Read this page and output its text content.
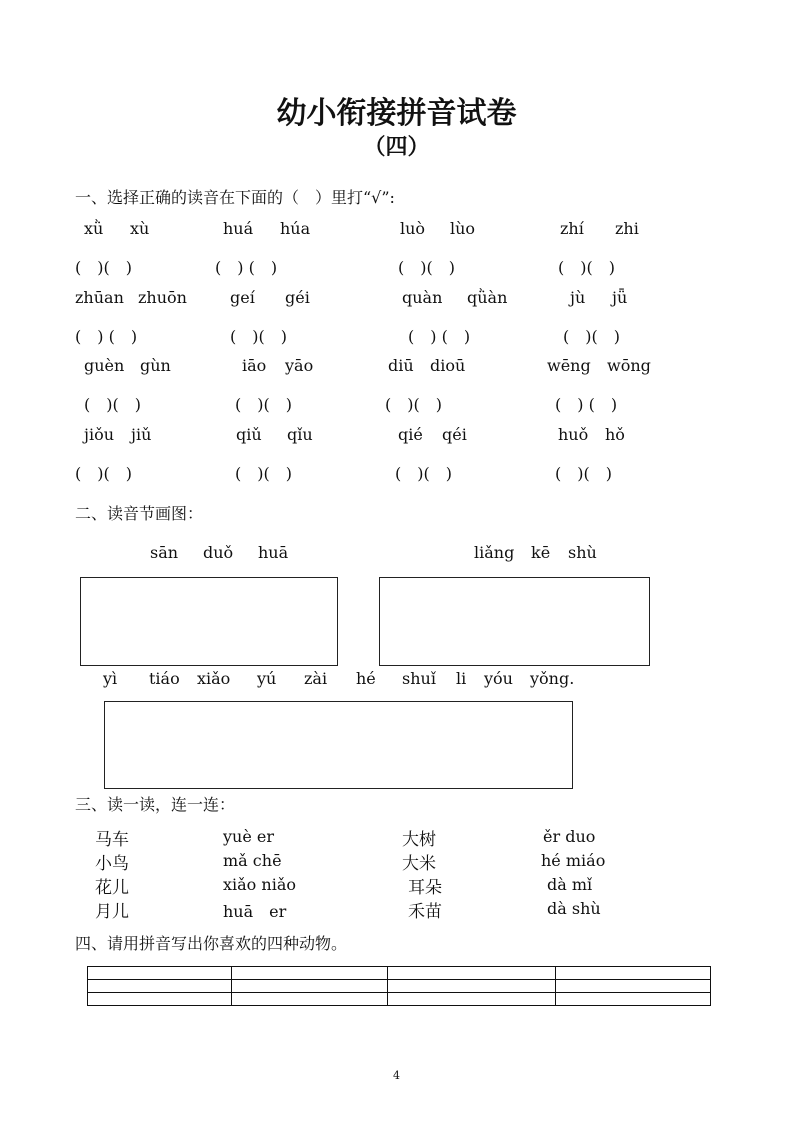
幼小衔接拼音试卷
（四）
一、选择正确的读音在下面的（　）里打“√”:
xǜ xù	huá húa	luò lùo	zhí zhi
(　)(　)	(　) (　)	(　)(　)	(　)(　)
zhūan zhuōn	geí géi	quàn qǜàn	jù jǖ
(　) (　)	(　)(　)	(　) (　)	(　)(　)
guèn gùn	iāo yāo	diū dioū	wēng wōng
(　)(　)	(　)(　)	(　)(　)	(　) (　)
jiǒu jiǔ	qiǔ qǐu	qié qéi	huǒ hǒ
(　)(　)	(　)(　)	(　)(　)	(　)(　)
二、读音节画图：
sān duǒ huā	liǎng kē shù
yì tiáo xiǎo yú zài hé shuǐ li yóu yǒng.
三、读一读，连一连：
马车	yuè er	大树	ěr duo
小鸟	mǎ chē	大米	hé miáo
花儿	xiǎo niǎo	耳朵	dà mǐ
月儿	huā　er	禾苗	dà shù
四、请用拼音写出你喜欢的四种动物。

4
